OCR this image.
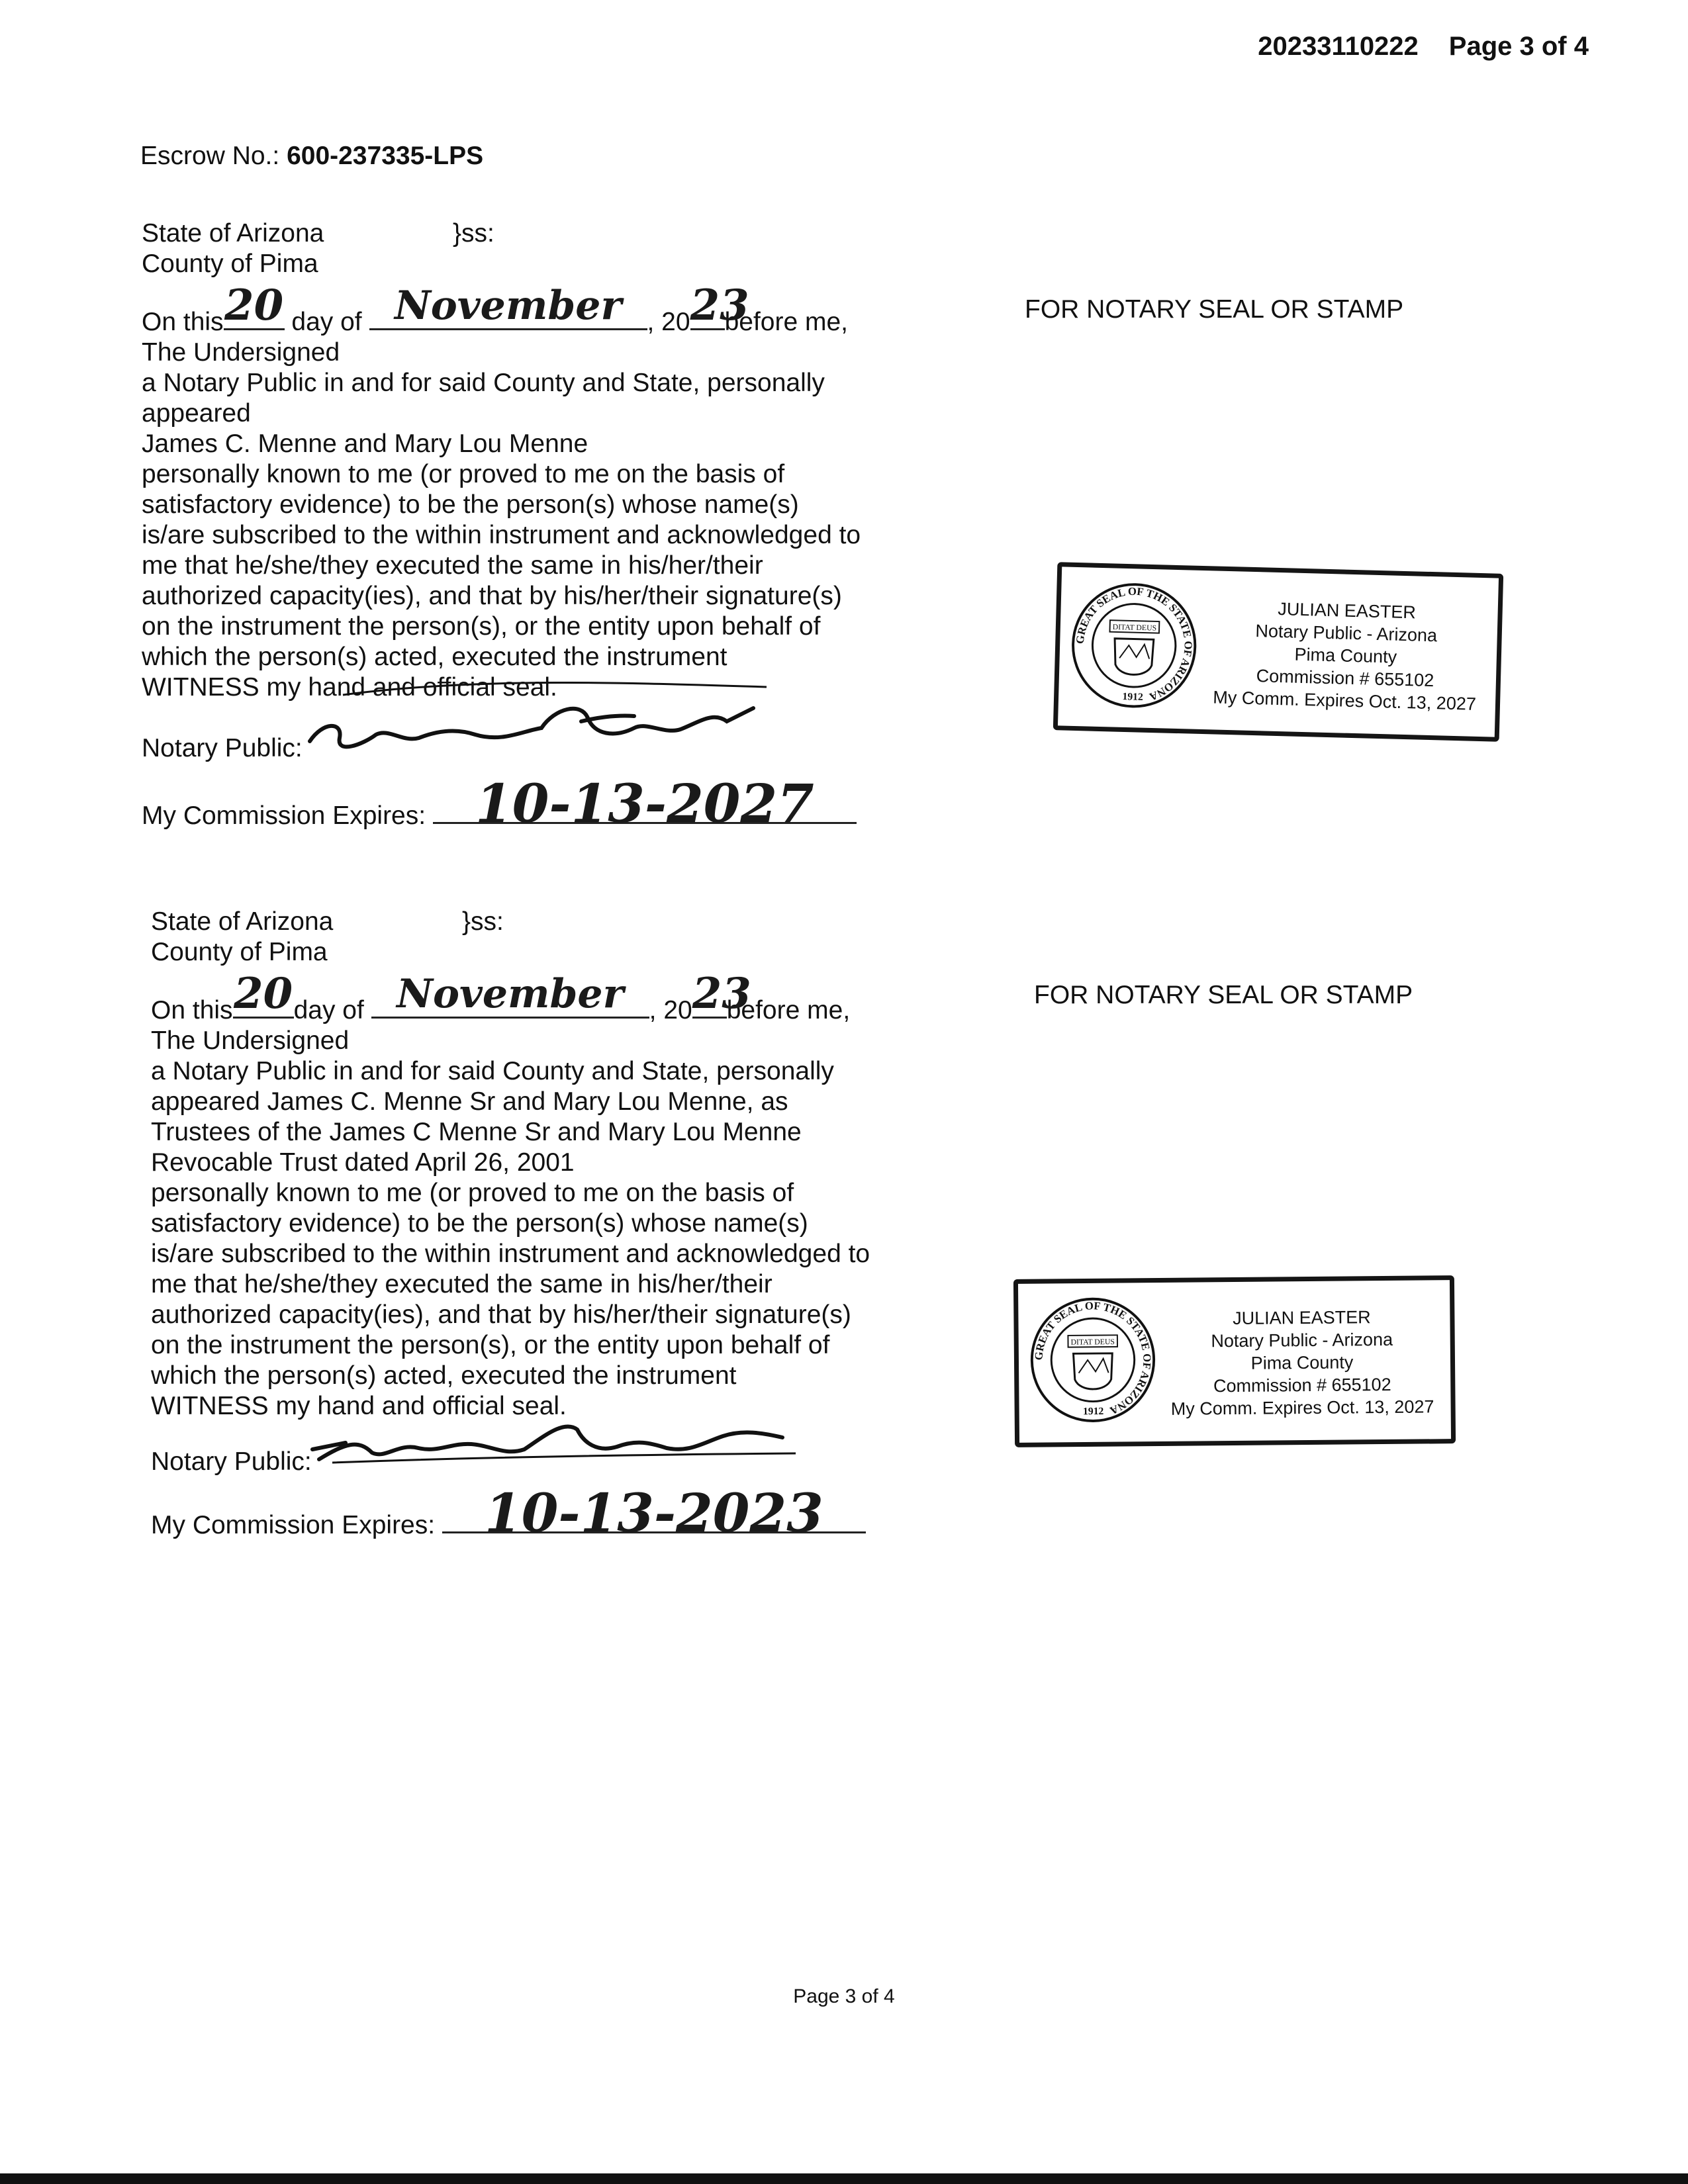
20233110222 Page 3 of 4
Escrow No.: 600-237335-LPS
State of Arizona	}ss:
County of Pima
On this 20 day of November , 20 23
before me,
The Undersigned
a Notary Public in and for said County and State, personally
appeared
James C. Menne and Mary Lou Menne
personally known to me (or proved to me on the basis of
satisfactory evidence) to be the person(s) whose name(s)
is/are subscribed to the within instrument and acknowledged to
me that he/she/they executed the same in his/her/their
authorized capacity(ies), and that by his/her/their signature(s)
on the instrument the person(s), or the entity upon behalf of
which the person(s) acted, executed the instrument
WITNESS my hand and official seal.
Notary Public:
My Commission Expires: 10-13-2027
FOR NOTARY SEAL OR STAMP
GREAT SEAL OF THE STATE OF ARIZONA
DITAT DEUS
1912
JULIAN EASTER
Notary Public - Arizona
Pima County
Commission # 655102
My Comm. Expires Oct. 13, 2027
State of Arizona	}ss:
County of Pima
On this 20 day of November , 20 23
before me,
The Undersigned
a Notary Public in and for said County and State, personally
appeared James C. Menne Sr and Mary Lou Menne, as
Trustees of the James C Menne Sr and Mary Lou Menne
Revocable Trust dated April 26, 2001
personally known to me (or proved to me on the basis of
satisfactory evidence) to be the person(s) whose name(s)
is/are subscribed to the within instrument and acknowledged to
me that he/she/they executed the same in his/her/their
authorized capacity(ies), and that by his/her/their signature(s)
on the instrument the person(s), or the entity upon behalf of
which the person(s) acted, executed the instrument
WITNESS my hand and official seal.
Notary Public:
My Commission Expires: 10-13-2023
FOR NOTARY SEAL OR STAMP
GREAT SEAL OF THE STATE OF ARIZONA
DITAT DEUS
1912
JULIAN EASTER
Notary Public - Arizona
Pima County
Commission # 655102
My Comm. Expires Oct. 13, 2027
Page 3 of 4
